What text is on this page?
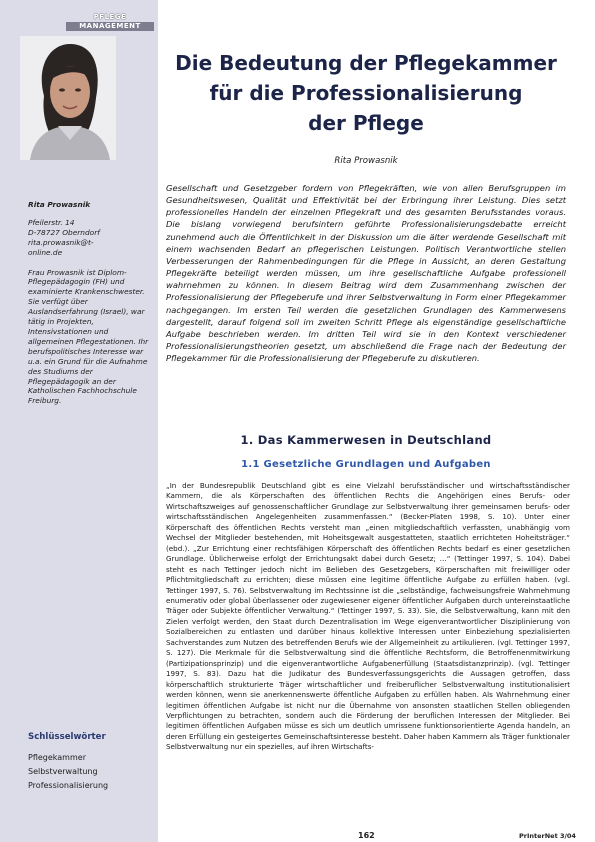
PFLEGE
MANAGEMENT
Rita Prowasnik
Pfeilerstr. 14
D-78727 Oberndorf
rita.prowasnik@t-
online.de
Frau Prowasnik ist Diplom-Pflegepädagogin (FH) und examinierte Krankenschwester. Sie verfügt über Auslandserfahrung (Israel), war tätig in Projekten, Intensivstationen und allgemeinen Pflegestationen. Ihr berufspolitisches Interesse war u.a. ein Grund für die Aufnahme des Studiums der Pflegepädagogik an der Katholischen Fachhochschule Freiburg.
Schlüsselwörter
Pflegekammer
Selbstverwaltung
Professionalisierung
Die Bedeutung der Pflegekammer
für die Professionalisierung
der Pflege
Rita Prowasnik
Gesellschaft und Gesetzgeber fordern von Pflegekräften, wie von allen Berufsgruppen im Gesundheitswesen, Qualität und Effektivität bei der Erbringung ihrer Leistung. Dies setzt professionelles Handeln der einzelnen Pflegekraft und des gesamten Berufsstandes voraus. Die bislang vorwiegend berufsintern geführte Professionalisierungsdebatte erreicht zunehmend auch die Öffentlichkeit in der Diskussion um die älter werdende Gesellschaft mit einem wachsenden Bedarf an pflegerischen Leistungen. Politisch Verantwortliche stellen Verbesserungen der Rahmenbedingungen für die Pflege in Aussicht, an deren Gestaltung Pflegekräfte beteiligt werden müssen, um ihre gesellschaftliche Aufgabe professionell wahrnehmen zu können. In diesem Beitrag wird dem Zusammenhang zwischen der Professionalisierung der Pflegeberufe und ihrer Selbstverwaltung in Form einer Pflegekammer nachgegangen. Im ersten Teil werden die gesetzlichen Grundlagen des Kammerwesens dargestellt, darauf folgend soll im zweiten Schritt Pflege als eigenständige gesellschaftliche Aufgabe beschrieben werden. Im dritten Teil wird sie in den Kontext verschiedener Professionalisierungstheorien gesetzt, um abschließend die Frage nach der Bedeutung der Pflegekammer für die Professionalisierung der Pflegeberufe zu diskutieren.
1. Das Kammerwesen in Deutschland
1.1 Gesetzliche Grundlagen und Aufgaben
„In der Bundesrepublik Deutschland gibt es eine Vielzahl berufsständischer und wirtschaftsständischer Kammern, die als Körperschaften des öffentlichen Rechts die Angehörigen eines Berufs- oder Wirtschaftszweiges auf genossenschaftlicher Grundlage zur Selbstverwaltung ihrer gemeinsamen berufs- oder wirtschaftsständischen Angelegenheiten zusammenfassen.“ (Becker-Platen 1998, S. 10). Unter einer Körperschaft des öffentlichen Rechts versteht man „einen mitgliedschaftlich verfassten, unabhängig vom Wechsel der Mitglieder bestehenden, mit Hoheitsgewalt ausgestatteten, staatlich errichteten Hoheitsträger.“ (ebd.). „Zur Errichtung einer rechtsfähigen Körperschaft des öffentlichen Rechts bedarf es einer gesetzlichen Grundlage. Üblicherweise erfolgt der Errichtungsakt dabei durch Gesetz; …“ (Tettinger 1997, S. 104). Dabei steht es nach Tettinger jedoch nicht im Belieben des Gesetzgebers, Körperschaften mit freiwilliger oder Pflichtmitgliedschaft zu errichten; diese müssen eine legitime öffentliche Aufgabe zu erfüllen haben. (vgl. Tettinger 1997, S. 76). Selbstverwaltung im Rechtssinne ist die „selbständige, fachweisungsfreie Wahrnehmung enumerativ oder global überlassener oder zugewiesener eigener öffentlicher Aufgaben durch untereinstaatliche Träger oder Subjekte öffentlicher Verwaltung.“ (Tettinger 1997, S. 33). Sie, die Selbstverwaltung, kann mit den Zielen verfolgt werden, den Staat durch Dezentralisation im Wege eigenverantwortlicher Disziplinierung von Sozialbereichen zu entlasten und darüber hinaus kollektive Interessen unter Einbeziehung spezialisierten Sachverstandes zum Nutzen des betreffenden Berufs wie der Allgemeinheit zu artikulieren. (vgl. Tettinger 1997, S. 127). Die Merkmale für die Selbstverwaltung sind die öffentliche Rechtsform, die Betroffenenmitwirkung (Partizipationsprinzip) und die eigenverantwortliche Aufgabenerfüllung (Staatsdistanzprinzip). (vgl. Tettinger 1997, S. 83). Dazu hat die Judikatur des Bundesverfassungsgerichts die Aussagen getroffen, dass körperschaftlich strukturierte Träger wirtschaftlicher und freiberuflicher Selbstverwaltung institutionalisiert werden können, wenn sie anerkennenswerte öffentliche Aufgaben zu erfüllen haben. Als Wahrnehmung einer legitimen öffentlichen Aufgabe ist nicht nur die Übernahme von ansonsten staatlichen Stellen obliegenden Verpflichtungen zu betrachten, sondern auch die Förderung der beruflichen Interessen der Mitglieder. Bei legitimen öffentlichen Aufgaben müsse es sich um deutlich umrissene funktionsorientierte Agenda handeln, an deren Erfüllung ein gesteigertes Gemeinschaftsinteresse besteht. Daher haben Kammern als Träger funktionaler Selbstverwaltung nur ein spezielles, auf ihren Wirtschafts-
162	PrInterNet 3/04
